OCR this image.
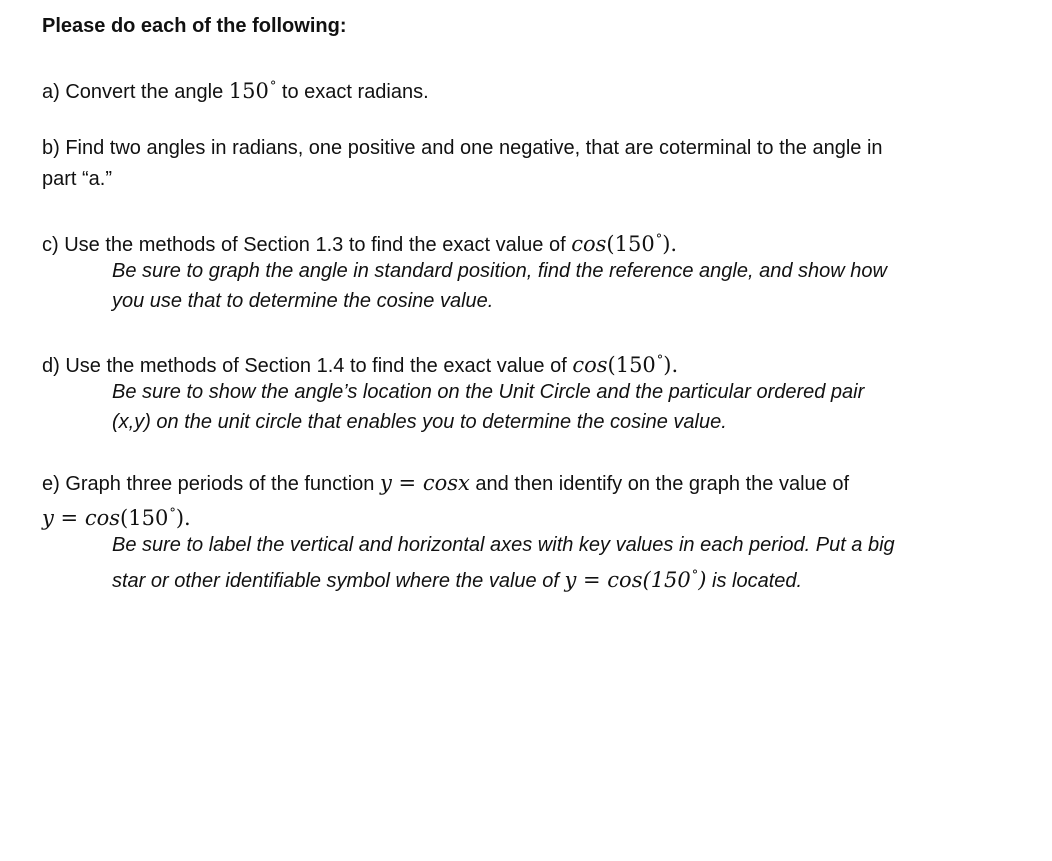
Please do each of the following:
a) Convert the angle 150° to exact radians.
b) Find two angles in radians, one positive and one negative, that are coterminal to the angle in
part “a.”
c) Use the methods of Section 1.3 to find the exact value of cos(150°).
Be sure to graph the angle in standard position, find the reference angle, and show how
you use that to determine the cosine value.
d) Use the methods of Section 1.4 to find the exact value of cos(150°).
Be sure to show the angle’s location on the Unit Circle and the particular ordered pair
(x,y) on the unit circle that enables you to determine the cosine value.
e) Graph three periods of the function y = cosx and then identify on the graph the value of
y = cos(150°).
Be sure to label the vertical and horizontal axes with key values in each period. Put a big
star or other identifiable symbol where the value of y = cos(150°) is located.
